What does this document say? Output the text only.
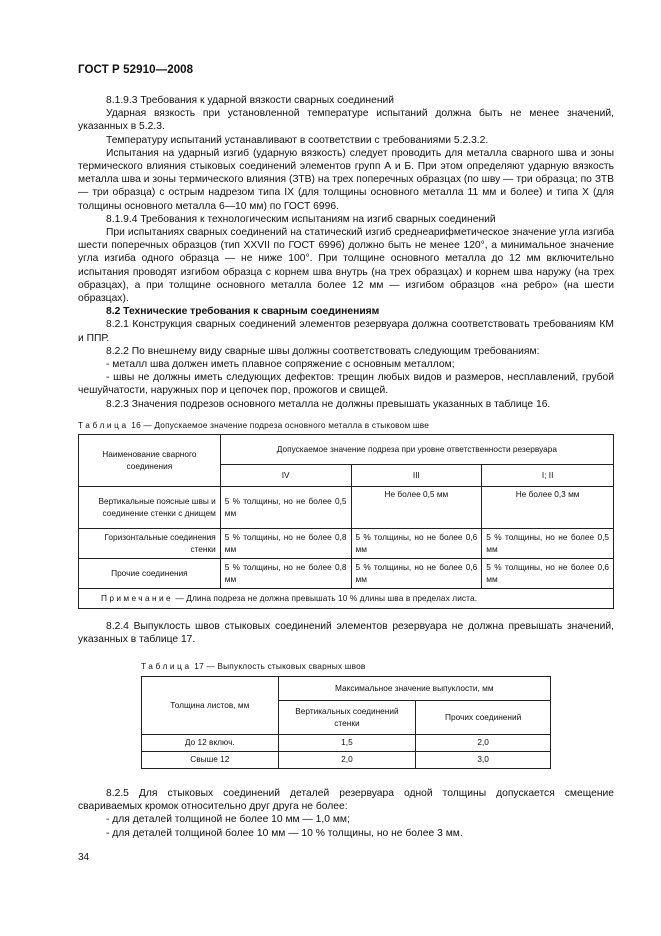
ГОСТ Р 52910—2008

8.1.9.3 Требования к ударной вязкости сварных соединений

Ударная вязкость при установленной температуре испытаний должна быть не менее значений, указанных в 5.2.3.

Температуру испытаний устанавливают в соответствии с требованиями 5.2.3.2.

Испытания на ударный изгиб (ударную вязкость) следует проводить для металла сварного шва и зоны термического влияния стыковых соединений элементов групп А и Б. При этом определяют ударную вязкость металла шва и зоны термического влияния (ЗТВ) на трех поперечных образцах (по шву — три образца; по ЗТВ — три образца) с острым надрезом типа IX (для толщины основного металла 11 мм и более) и типа X (для толщины основного металла 6—10 мм) по ГОСТ 6996.

8.1.9.4 Требования к технологическим испытаниям на изгиб сварных соединений

При испытаниях сварных соединений на статический изгиб среднеарифметическое значение угла изгиба шести поперечных образцов (тип XXVII по ГОСТ 6996) должно быть не менее 120°, а минимальное значение угла изгиба одного образца — не ниже 100°. При толщине основного металла до 12 мм включительно испытания проводят изгибом образца с корнем шва внутрь (на трех образцах) и корнем шва наружу (на трех образцах), а при толщине основного металла более 12 мм — изгибом образцов «на ребро» (на шести образцах).

8.2 Технические требования к сварным соединениям

8.2.1 Конструкция сварных соединений элементов резервуара должна соответствовать требованиям КМ и ППР.

8.2.2 По внешнему виду сварные швы должны соответствовать следующим требованиям:

- металл шва должен иметь плавное сопряжение с основным металлом;

- швы не должны иметь следующих дефектов: трещин любых видов и размеров, несплавлений, грубой чешуйчатости, наружных пор и цепочек пор, прожогов и свищей.

8.2.3 Значения подрезов основного металла не должны превышать указанных в таблице 16.

Таблица 16 — Допускаемое значение подреза основного металла в стыковом шве
Наименование сварного соединения	Допускаемое значение подреза при уровне ответственности резервуара		
	IV	III	I; II
Вертикальные поясные швы и соединение стенки с днищем	5 % толщины, но не более 0,5 мм	Не более 0,5 мм	Не более 0,3 мм
Горизонтальные соединения стенки	5 % толщины, но не более 0,8 мм	5 % толщины, но не более 0,6 мм	5 % толщины, но не более 0,5 мм
Прочие соединения	5 % толщины, но не более 0,8 мм	5 % толщины, но не более 0,6 мм	5 % толщины, но не более 0,6 мм
Примечание — Длина подреза не должна превышать 10 % длины шва в пределах листа.			

8.2.4 Выпуклость швов стыковых соединений элементов резервуара не должна превышать значений, указанных в таблице 17.

Таблица 17 — Выпуклость стыковых сварных швов
Толщина листов, мм	Максимальное значение выпуклости, мм	
	Вертикальных соединений стенки	Прочих соединений
До 12 включ.	1,5	2,0
Свыше 12	2,0	3,0

8.2.5 Для стыковых соединений деталей резервуара одной толщины допускается смещение свариваемых кромок относительно друг друга не более:

- для деталей толщиной не более 10 мм — 1,0 мм;

- для деталей толщиной более 10 мм — 10 % толщины, но не более 3 мм.

34
